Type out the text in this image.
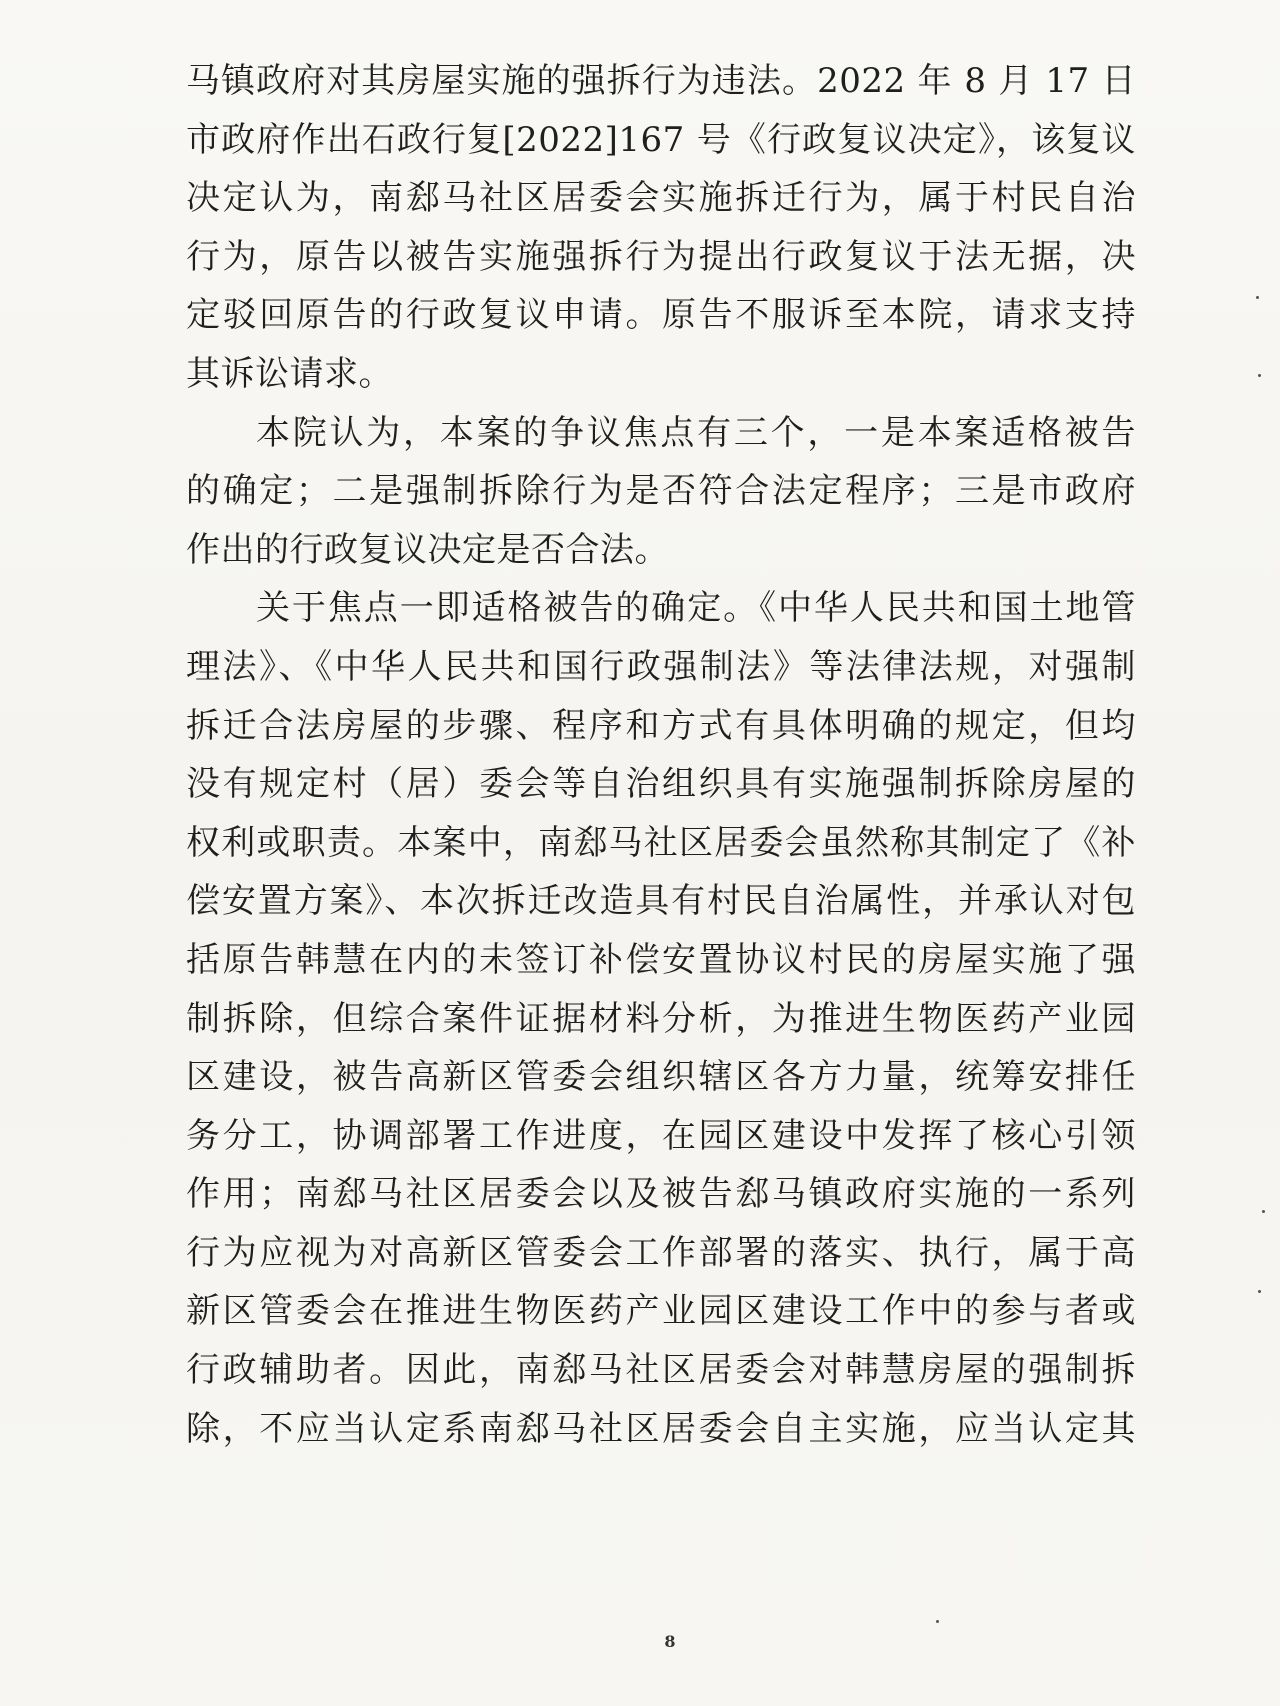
马镇政府对其房屋实施的强拆行为违法。2022 年 8 月 17 日
市政府作出石政行复[2022]167 号《行政复议决定》，该复议
决定认为，南郄马社区居委会实施拆迁行为，属于村民自治
行为，原告以被告实施强拆行为提出行政复议于法无据，决
定驳回原告的行政复议申请。原告不服诉至本院，请求支持
其诉讼请求。
本院认为，本案的争议焦点有三个，一是本案适格被告
的确定；二是强制拆除行为是否符合法定程序；三是市政府
作出的行政复议决定是否合法。
关于焦点一即适格被告的确定。《中华人民共和国土地管
理法》、《中华人民共和国行政强制法》等法律法规，对强制
拆迁合法房屋的步骤、程序和方式有具体明确的规定，但均
没有规定村（居）委会等自治组织具有实施强制拆除房屋的
权利或职责。本案中，南郄马社区居委会虽然称其制定了《补
偿安置方案》、本次拆迁改造具有村民自治属性，并承认对包
括原告韩慧在内的未签订补偿安置协议村民的房屋实施了强
制拆除，但综合案件证据材料分析，为推进生物医药产业园
区建设，被告高新区管委会组织辖区各方力量，统筹安排任
务分工，协调部署工作进度，在园区建设中发挥了核心引领
作用；南郄马社区居委会以及被告郄马镇政府实施的一系列
行为应视为对高新区管委会工作部署的落实、执行，属于高
新区管委会在推进生物医药产业园区建设工作中的参与者或
行政辅助者。因此，南郄马社区居委会对韩慧房屋的强制拆
除，不应当认定系南郄马社区居委会自主实施，应当认定其
8
